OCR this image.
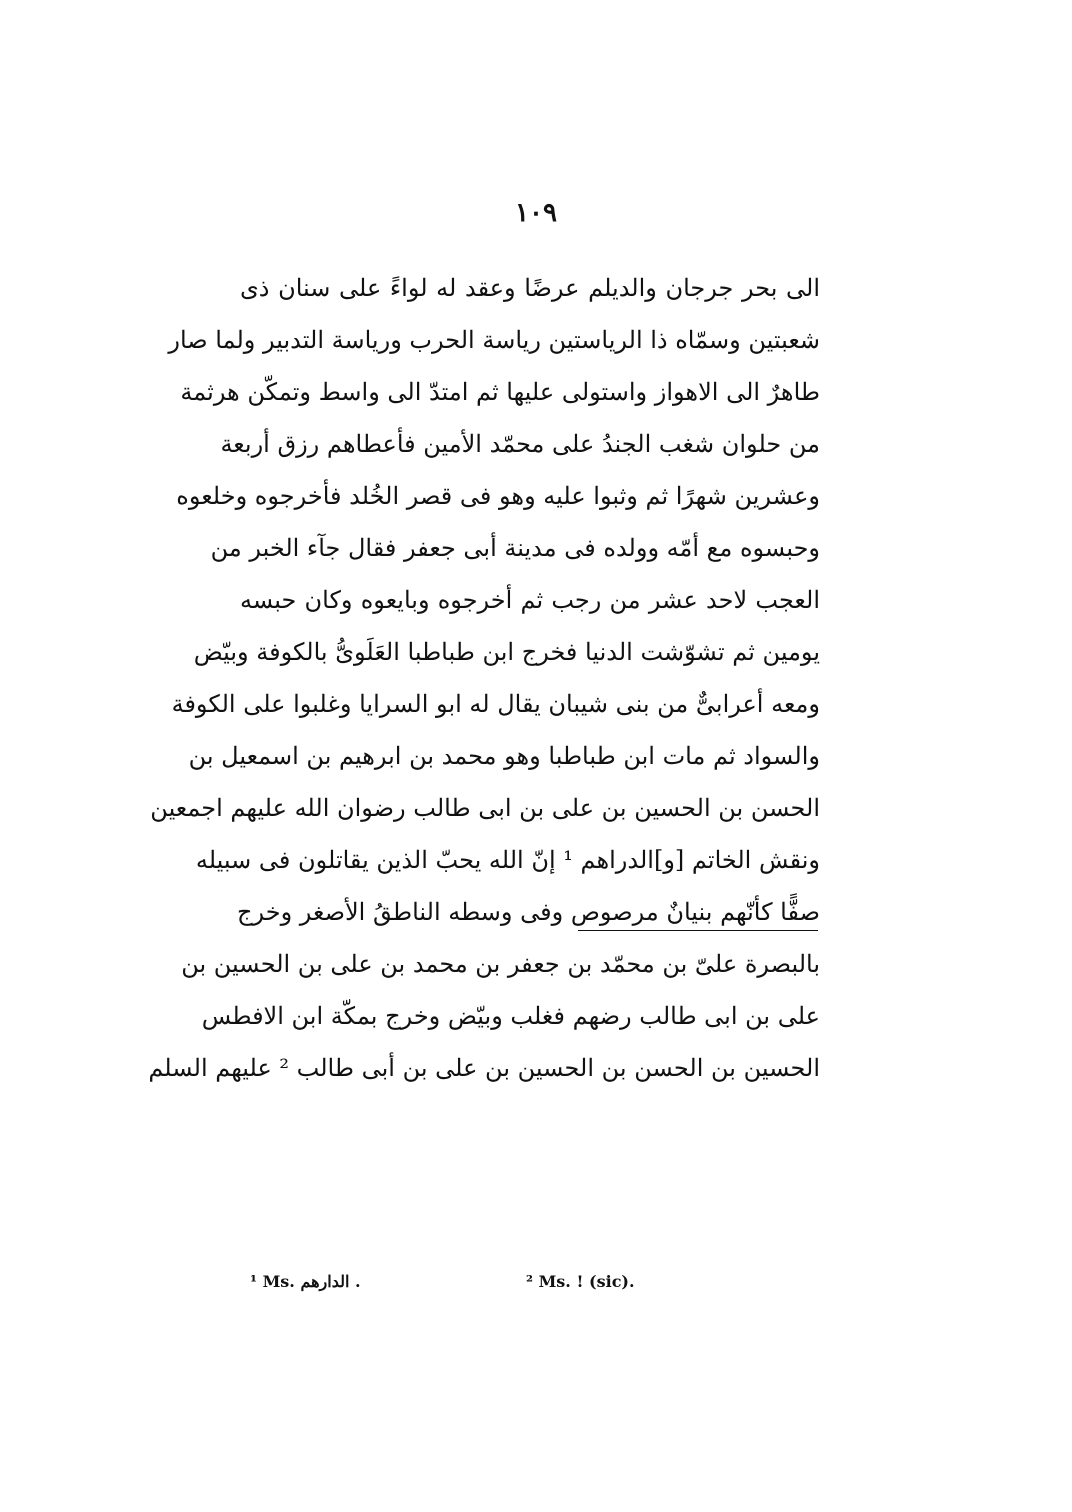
١٠٩
الى بحر جرجان والديلم عرضًا وعقد له لواءً على سنان ذى
شعبتين وسمّاه ذا الرياستين رياسة الحرب ورياسة التدبير ولما صار
طاهرٌ الى الاهواز واستولى عليها ثم امتدّ الى واسط وتمكّن هرثمة
من حلوان شغب الجندُ على محمّد الأمين فأعطاهم رزق أربعة
وعشرين شهرًا ثم وثبوا عليه وهو فى قصر الخُلد فأخرجوه وخلعوه
وحبسوه مع أمّه وولده فى مدينة أبى جعفر فقال جآء الخبر من
العجب لاحد عشر من رجب ثم أخرجوه وبايعوه وكان حبسه
يومين ثم تشوّشت الدنيا فخرج ابن طباطبا العَلَوىُّ بالكوفة وبيّض
ومعه أعرابىٌّ من بنى شيبان يقال له ابو السرايا وغلبوا على الكوفة
والسواد ثم مات ابن طباطبا وهو محمد بن ابرهيم بن اسمعيل بن
الحسن بن الحسين بن على بن ابى طالب رضوان الله عليهم اجمعين
ونقش الخاتم [و]الدراهم ¹ إنّ الله يحبّ الذين يقاتلون فى سبيله
صفًّا كأنّهم بنيانٌ مرصوص وفى وسطه الناطقُ الأصغر وخرج
بالبصرة علىّ بن محمّد بن جعفر بن محمد بن على بن الحسين بن
على بن ابى طالب رضهم فغلب وبيّض وخرج بمكّة ابن الافطس
الحسين بن الحسن بن الحسين بن على بن أبى طالب ² عليهم السلم
¹ Ms. الدارهم .	² Ms. ! (sic).
